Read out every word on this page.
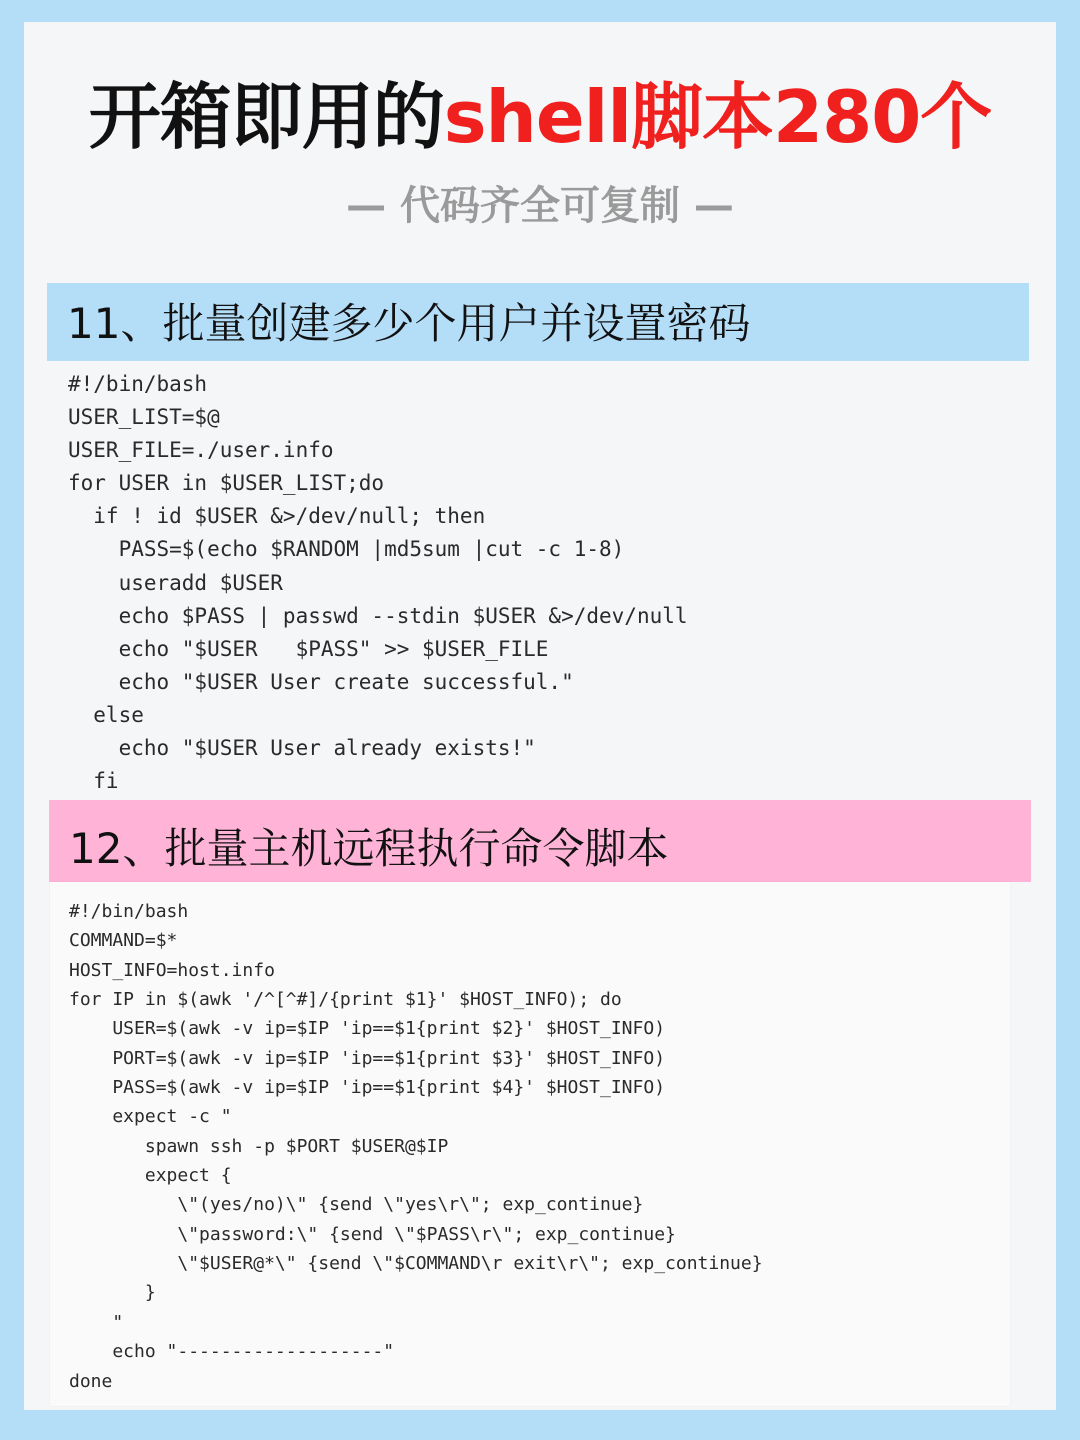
开箱即用的shell脚本280个
— 代码齐全可复制 —
11、批量创建多少个用户并设置密码
#!/bin/bash
USER_LIST=$@
USER_FILE=./user.info
for USER in $USER_LIST;do
if ! id $USER &>/dev/null; then
PASS=$(echo $RANDOM |md5sum |cut -c 1-8)
useradd $USER
echo $PASS | passwd --stdin $USER &>/dev/null
echo "$USER   $PASS" >> $USER_FILE
echo "$USER User create successful."
else
echo "$USER User already exists!"
fi
12、批量主机远程执行命令脚本
#!/bin/bash
COMMAND=$*
HOST_INFO=host.info
for IP in $(awk '/^[^#]/{print $1}' $HOST_INFO); do
USER=$(awk -v ip=$IP 'ip==$1{print $2}' $HOST_INFO)
PORT=$(awk -v ip=$IP 'ip==$1{print $3}' $HOST_INFO)
PASS=$(awk -v ip=$IP 'ip==$1{print $4}' $HOST_INFO)
expect -c "
spawn ssh -p $PORT $USER@$IP
expect {
\"(yes/no)\" {send \"yes\r\"; exp_continue}
\"password:\" {send \"$PASS\r\"; exp_continue}
\"$USER@*\" {send \"$COMMAND\r exit\r\"; exp_continue}
}
"
echo "-------------------"
done
